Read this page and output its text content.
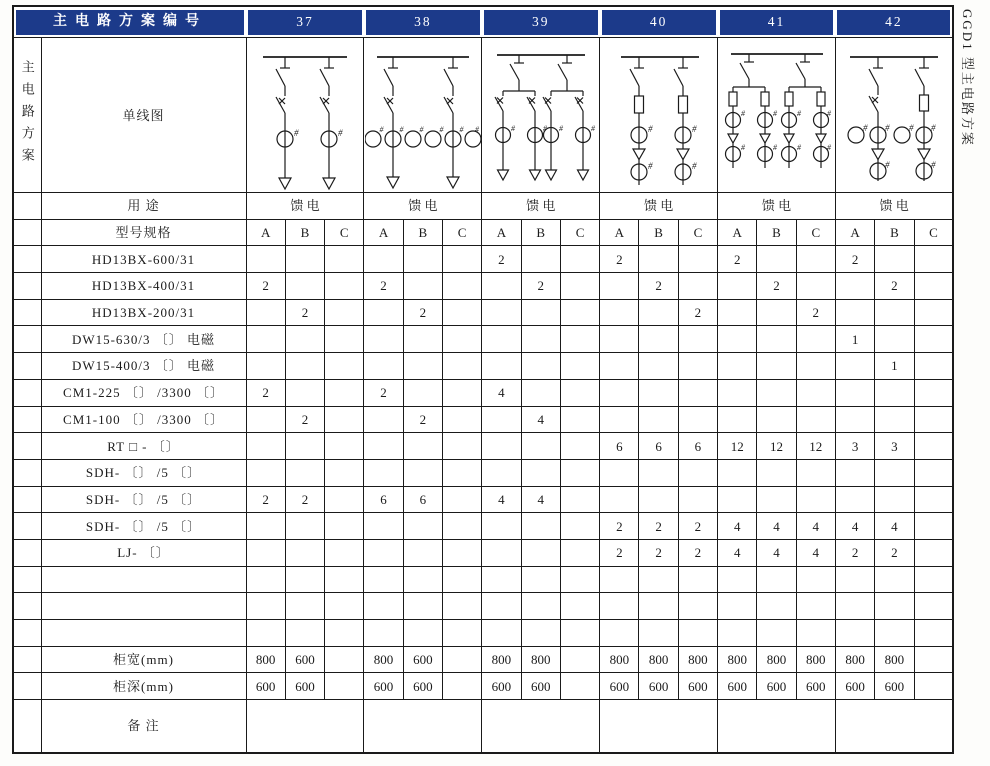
主电路方案编号		37			38			39			40			41			42		

主电路方案	单线图	
#	#	# # # # # #	#	# #	#	#	#
#	#

#	#	#	#
#	#	#	#

# # # #
#	#

	用 途	馈 电			馈 电			馈 电			馈 电			馈 电			馈 电		
	型号规格	A	B	C	A	B	C	A	B	C	A	B	C	A	B	C	A	B	C
	HD13BX-600/31							2			2			2			2		
	HD13BX-400/31	2			2				2			2			2			2	
	HD13BX-200/31		2			2							2			2			
	DW15-630/3 〔〕 电磁																1		
	DW15-400/3 〔〕 电磁																	1	
	CM1-225 〔〕 /3300 〔〕	2			2			4											
	CM1-100 〔〕 /3300 〔〕		2			2			4										
	RT □ - 〔〕										6	6	6	12	12	12	3	3	
	SDH- 〔〕 /5 〔〕																		
	SDH- 〔〕 /5 〔〕	2	2		6	6		4	4										
	SDH- 〔〕 /5 〔〕										2	2	2	4	4	4	4	4	
	LJ- 〔〕										2	2	2	4	4	4	2	2	

	柜宽(mm)	800	600		800	600		800	800		800	800	800	800	800	800	800	800	
	柜深(mm)	600	600		600	600		600	600		600	600	600	600	600	600	600	600	
	备 注																		
GGD1 型主电路方案
